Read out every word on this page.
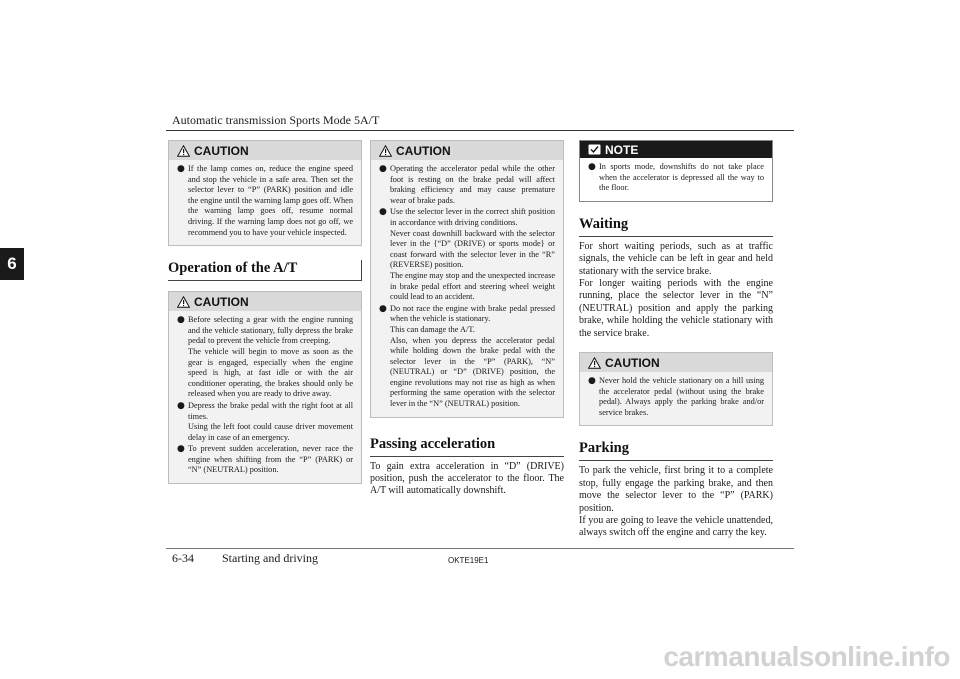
Automatic transmission Sports Mode 5A/T
6
CAUTION
● If the lamp comes on, reduce the engine speed and stop the vehicle in a safe area. Then set the selector lever to “P” (PARK) position and idle the engine until the warning lamp goes off. When the warning lamp goes off, resume normal driving. If the warning lamp does not go off, we recommend you to have your vehicle inspected.

Operation of the A/T
CAUTION
● Before selecting a gear with the engine running and the vehicle stationary, fully depress the brake pedal to prevent the vehicle from creeping.

The vehicle will begin to move as soon as the gear is engaged, especially when the engine speed is high, at fast idle or with the air conditioner operating, the brakes should only be released when you are ready to drive away.

● Depress the brake pedal with the right foot at all times.

Using the left foot could cause driver movement delay in case of an emergency.

● To prevent sudden acceleration, never race the engine when shifting from the “P” (PARK) or “N” (NEUTRAL) position.

CAUTION
● Operating the accelerator pedal while the other foot is resting on the brake pedal will affect braking efficiency and may cause premature wear of brake pads.

● Use the selector lever in the correct shift position in accordance with driving conditions.

Never coast downhill backward with the selector lever in the {“D” (DRIVE) or sports mode} or coast forward with the selector lever in the “R” (REVERSE) position.

The engine may stop and the unexpected increase in brake pedal effort and steering wheel weight could lead to an accident.

● Do not race the engine with brake pedal pressed when the vehicle is stationary.

This can damage the A/T.

Also, when you depress the accelerator pedal while holding down the brake pedal with the selector lever in the “P” (PARK), “N” (NEUTRAL) or “D” (DRIVE) position, the engine revolutions may not rise as high as when performing the same operation with the selector lever in the “N” (NEUTRAL) position.

Passing acceleration

To gain extra acceleration in “D” (DRIVE) position, push the accelerator to the floor. The A/T will automatically downshift.

NOTE
● In sports mode, downshifts do not take place when the accelerator is depressed all the way to the floor.

Waiting

For short waiting periods, such as at traffic signals, the vehicle can be left in gear and held stationary with the service brake.

For longer waiting periods with the engine running, place the selector lever in the “N” (NEUTRAL) position and apply the parking brake, while holding the vehicle stationary with the service brake.

CAUTION
● Never hold the vehicle stationary on a hill using the accelerator pedal (without using the brake pedal). Always apply the parking brake and/or service brakes.

Parking

To park the vehicle, first bring it to a complete stop, fully engage the parking brake, and then move the selector lever to the “P” (PARK) position.

If you are going to leave the vehicle unattended, always switch off the engine and carry the key.

6-34 Starting and driving	OKTE19E1
carmanualsonline.info
